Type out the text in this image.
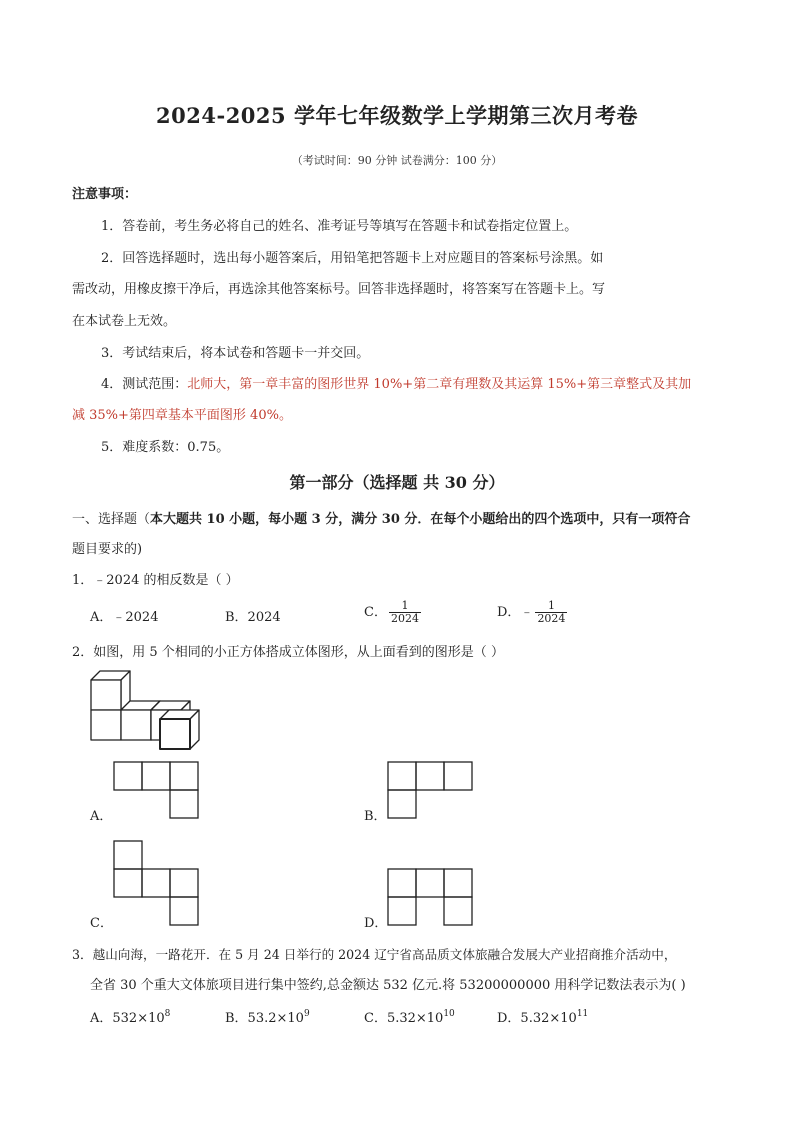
2024-2025 学年七年级数学上学期第三次月考卷
（考试时间：90 分钟 试卷满分：100 分）
注意事项：
1．答卷前，考生务必将自己的姓名、准考证号等填写在答题卡和试卷指定位置上。
2．回答选择题时，选出每小题答案后，用铅笔把答题卡上对应题目的答案标号涂黑。如
需改动，用橡皮擦干净后，再选涂其他答案标号。回答非选择题时，将答案写在答题卡上。写
在本试卷上无效。
3．考试结束后，将本试卷和答题卡一并交回。
4．测试范围：北师大，第一章丰富的图形世界 10%+第二章有理数及其运算 15%+第三章整式及其加
减 35%+第四章基本平面图形 40%。
5．难度系数：0.75。
第一部分（选择题 共 30 分）
一、选择题（本大题共 10 小题，每小题 3 分，满分 30 分．在每个小题给出的四个选项中，只有一项符合
题目要求的)
1．﹣2024 的相反数是（ ）
A．﹣2024	B．2024	C． $\frac{1}{2024}$	D．﹣ $\frac{1}{2024}$
2．如图，用 5 个相同的小正方体搭成立体图形，从上面看到的图形是（ ）
A．	B．
C．	D．
3．越山向海，一路花开．在 5 月 24 日举行的 2024 辽宁省高品质文体旅融合发展大产业招商推介活动中，
全省 30 个重大文体旅项目进行集中签约,总金额达 532 亿元.将 53200000000 用科学记数法表示为( )
A．$532\times 10^8$	B．$53.2\times 10^9$	C．$5.32\times 10^{10}$	D．$5.32\times 10^{11}$
